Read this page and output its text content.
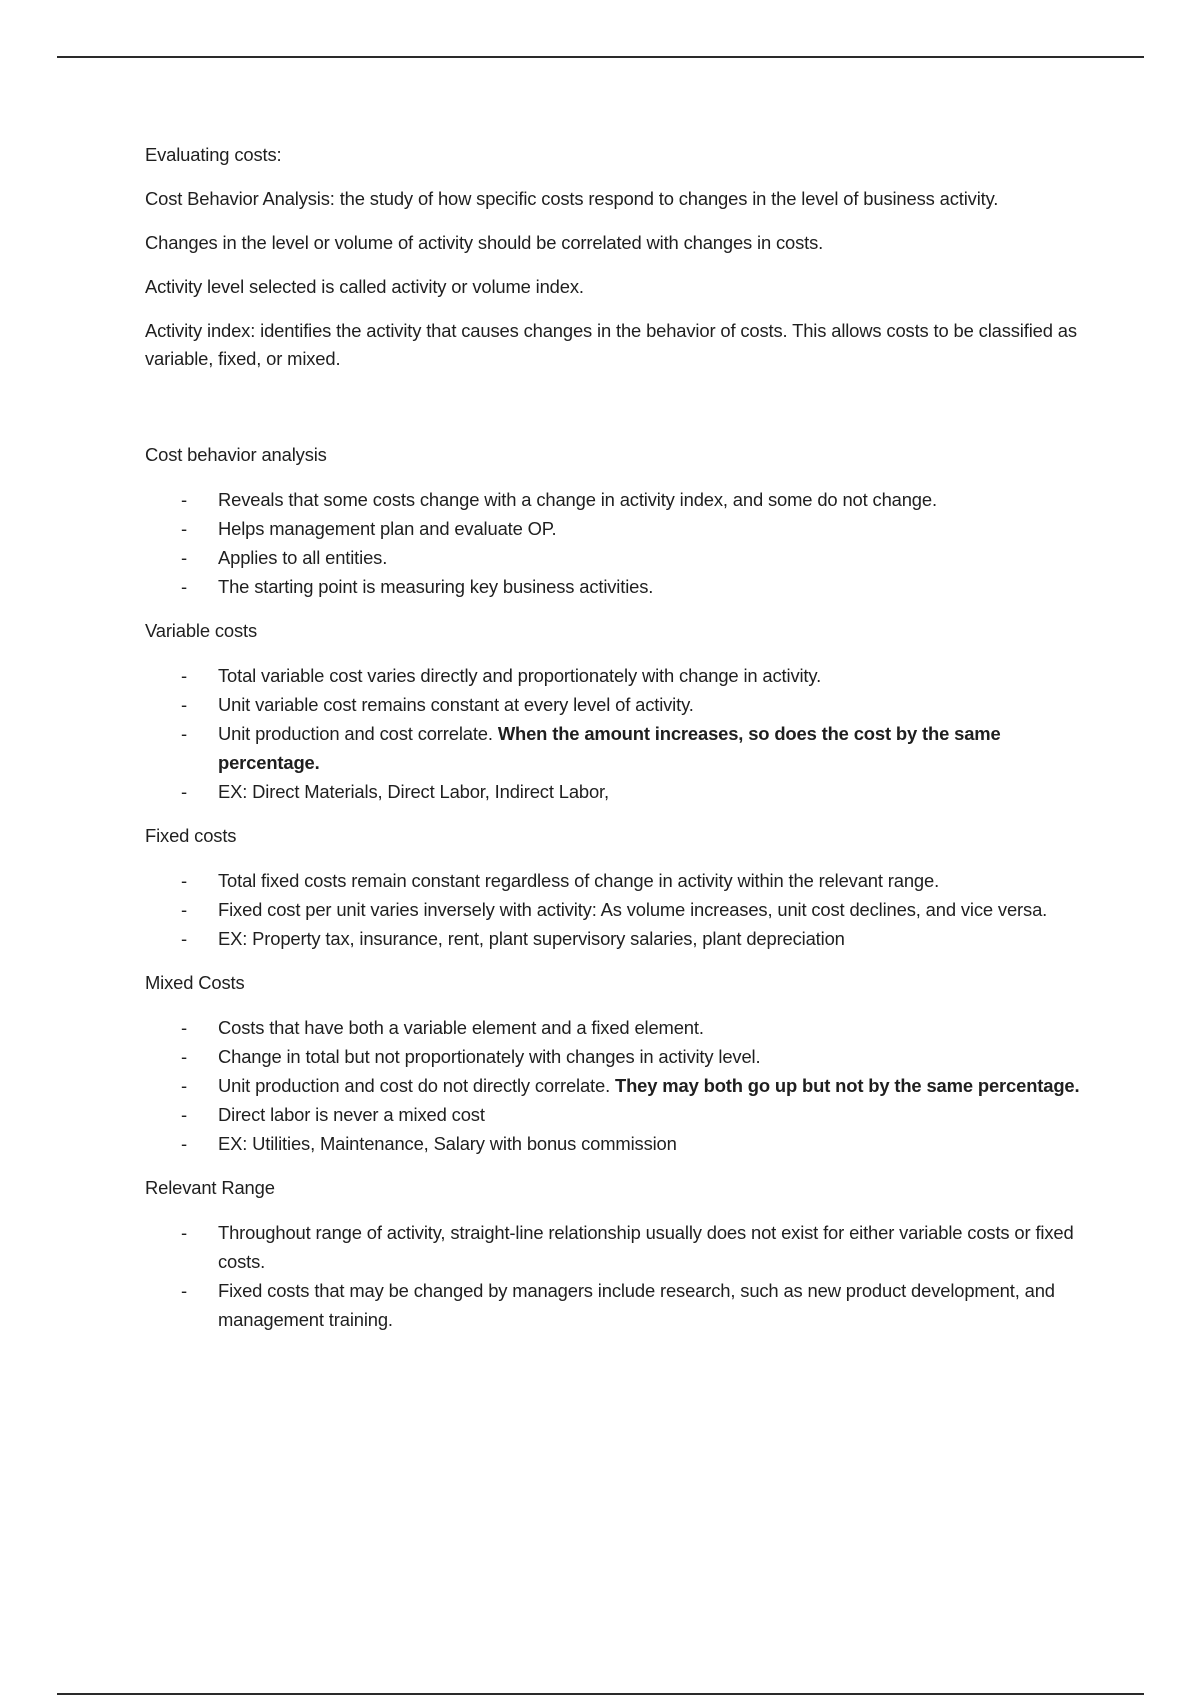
Evaluating costs:

Cost Behavior Analysis: the study of how specific costs respond to changes in the level of business activity.

Changes in the level or volume of activity should be correlated with changes in costs.

Activity level selected is called activity or volume index.

Activity index: identifies the activity that causes changes in the behavior of costs. This allows costs to be classified as variable, fixed, or mixed.

Cost behavior analysis

- Reveals that some costs change with a change in activity index, and some do not change.
- Helps management plan and evaluate OP.
- Applies to all entities.
- The starting point is measuring key business activities.

Variable costs

- Total variable cost varies directly and proportionately with change in activity.
- Unit variable cost remains constant at every level of activity.
- Unit production and cost correlate. When the amount increases, so does the cost by the same percentage.
- EX: Direct Materials, Direct Labor, Indirect Labor,

Fixed costs

- Total fixed costs remain constant regardless of change in activity within the relevant range.
- Fixed cost per unit varies inversely with activity: As volume increases, unit cost declines, and vice versa.
- EX: Property tax, insurance, rent, plant supervisory salaries, plant depreciation

Mixed Costs

- Costs that have both a variable element and a fixed element.
- Change in total but not proportionately with changes in activity level.
- Unit production and cost do not directly correlate. They may both go up but not by the same percentage.
- Direct labor is never a mixed cost
- EX: Utilities, Maintenance, Salary with bonus commission

Relevant Range

- Throughout range of activity, straight-line relationship usually does not exist for either variable costs or fixed costs.
- Fixed costs that may be changed by managers include research, such as new product development, and management training.
